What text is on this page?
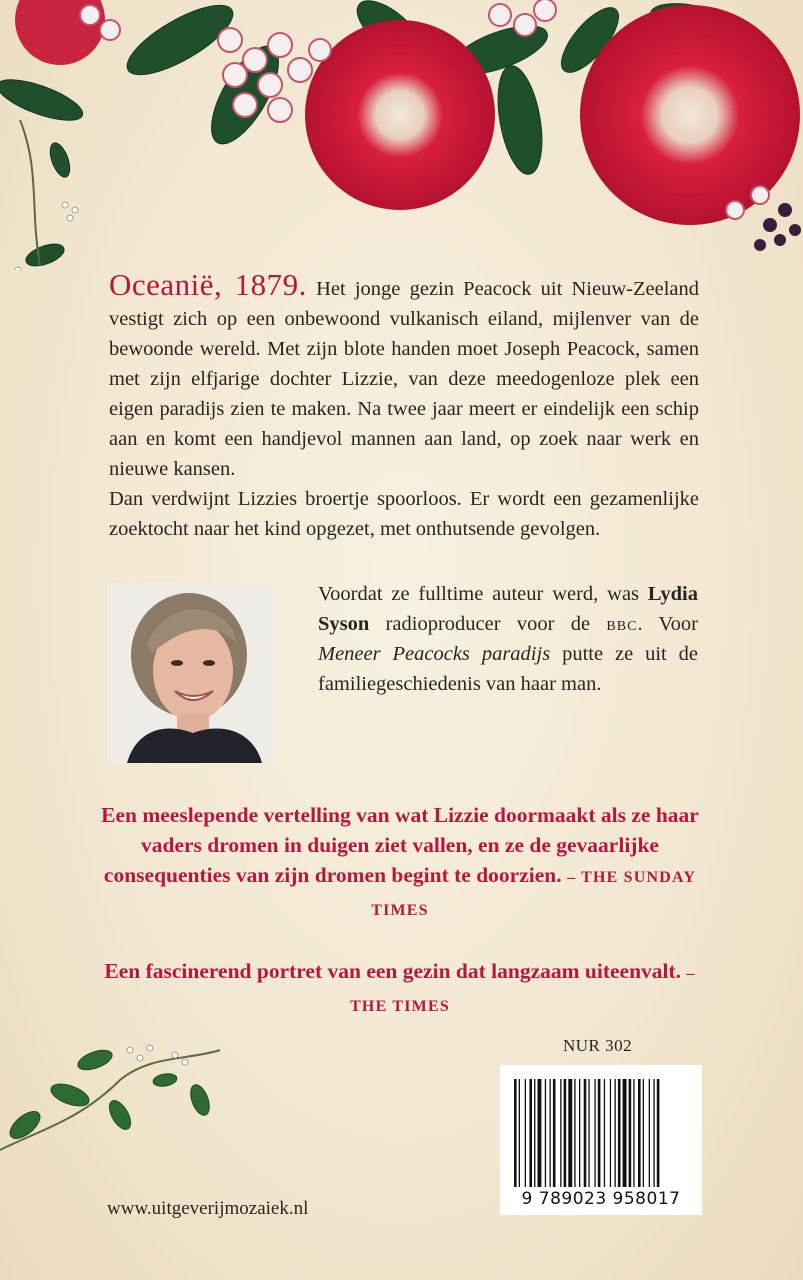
Oceanië, 1879. Het jonge gezin Peacock uit Nieuw-Zeeland vestigt zich op een onbewoond vulkanisch eiland, mijlenver van de bewoonde wereld. Met zijn blote handen moet Joseph Peacock, samen met zijn elfjarige dochter Lizzie, van deze meedogenloze plek een eigen paradijs zien te maken. Na twee jaar meert er eindelijk een schip aan en komt een handjevol mannen aan land, op zoek naar werk en nieuwe kansen.

Dan verdwijnt Lizzies broertje spoorloos. Er wordt een gezamenlijke zoektocht naar het kind opgezet, met onthutsende gevolgen.

Voordat ze fulltime auteur werd, was Lydia Syson radioproducer voor de bbc. Voor Meneer Peacocks paradijs putte ze uit de familiegeschiedenis van haar man.
Een meeslepende vertelling van wat Lizzie doormaakt als ze haar vaders dromen in duigen ziet vallen, en ze de gevaarlijke consequenties van zijn dromen begint te doorzien. – THE SUNDAY TIMES
Een fascinerend portret van een gezin dat langzaam uiteenvalt. – THE TIMES
NUR 302
9 789023 958017
www.uitgeverijmozaiek.nl
